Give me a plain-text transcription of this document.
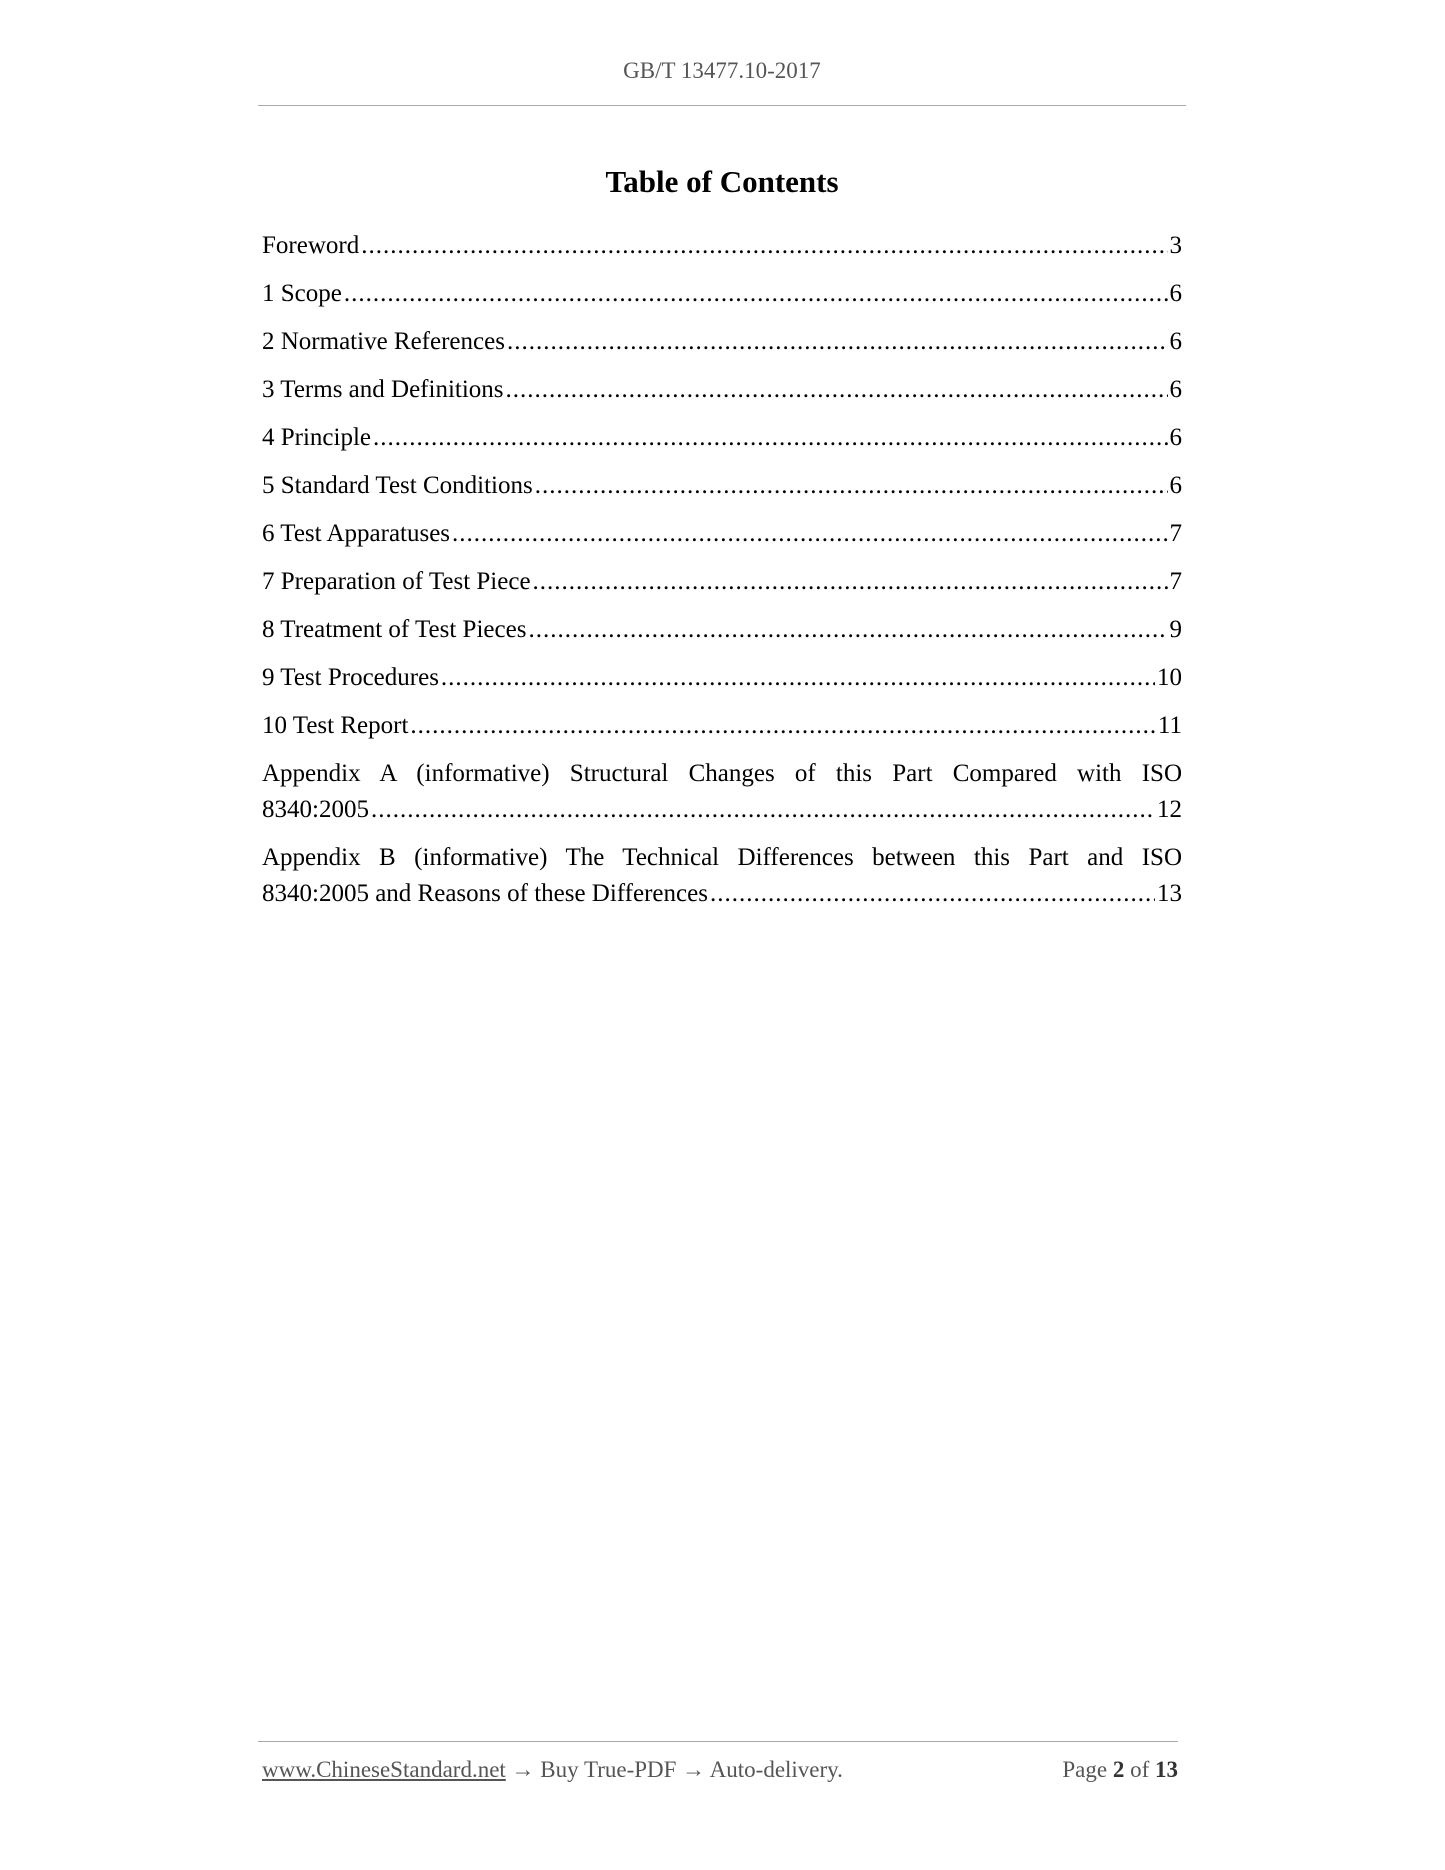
GB/T 13477.10-2017
Table of Contents
Foreword .....	3
1 Scope .....	6
2 Normative References .....	6
3 Terms and Definitions .....	6
4 Principle .....	6
5 Standard Test Conditions .....	6
6 Test Apparatuses .....	7
7 Preparation of Test Piece .....	7
8 Treatment of Test Pieces .....	9
9 Test Procedures .....	10
10 Test Report .....	11
Appendix A (informative) Structural Changes of this Part Compared with ISO
8340:2005 .....	12
Appendix B (informative) The Technical Differences between this Part and ISO
8340:2005 and Reasons of these Differences .....	13
www.ChineseStandard.net → Buy True-PDF → Auto-delivery.	Page 2 of 13
